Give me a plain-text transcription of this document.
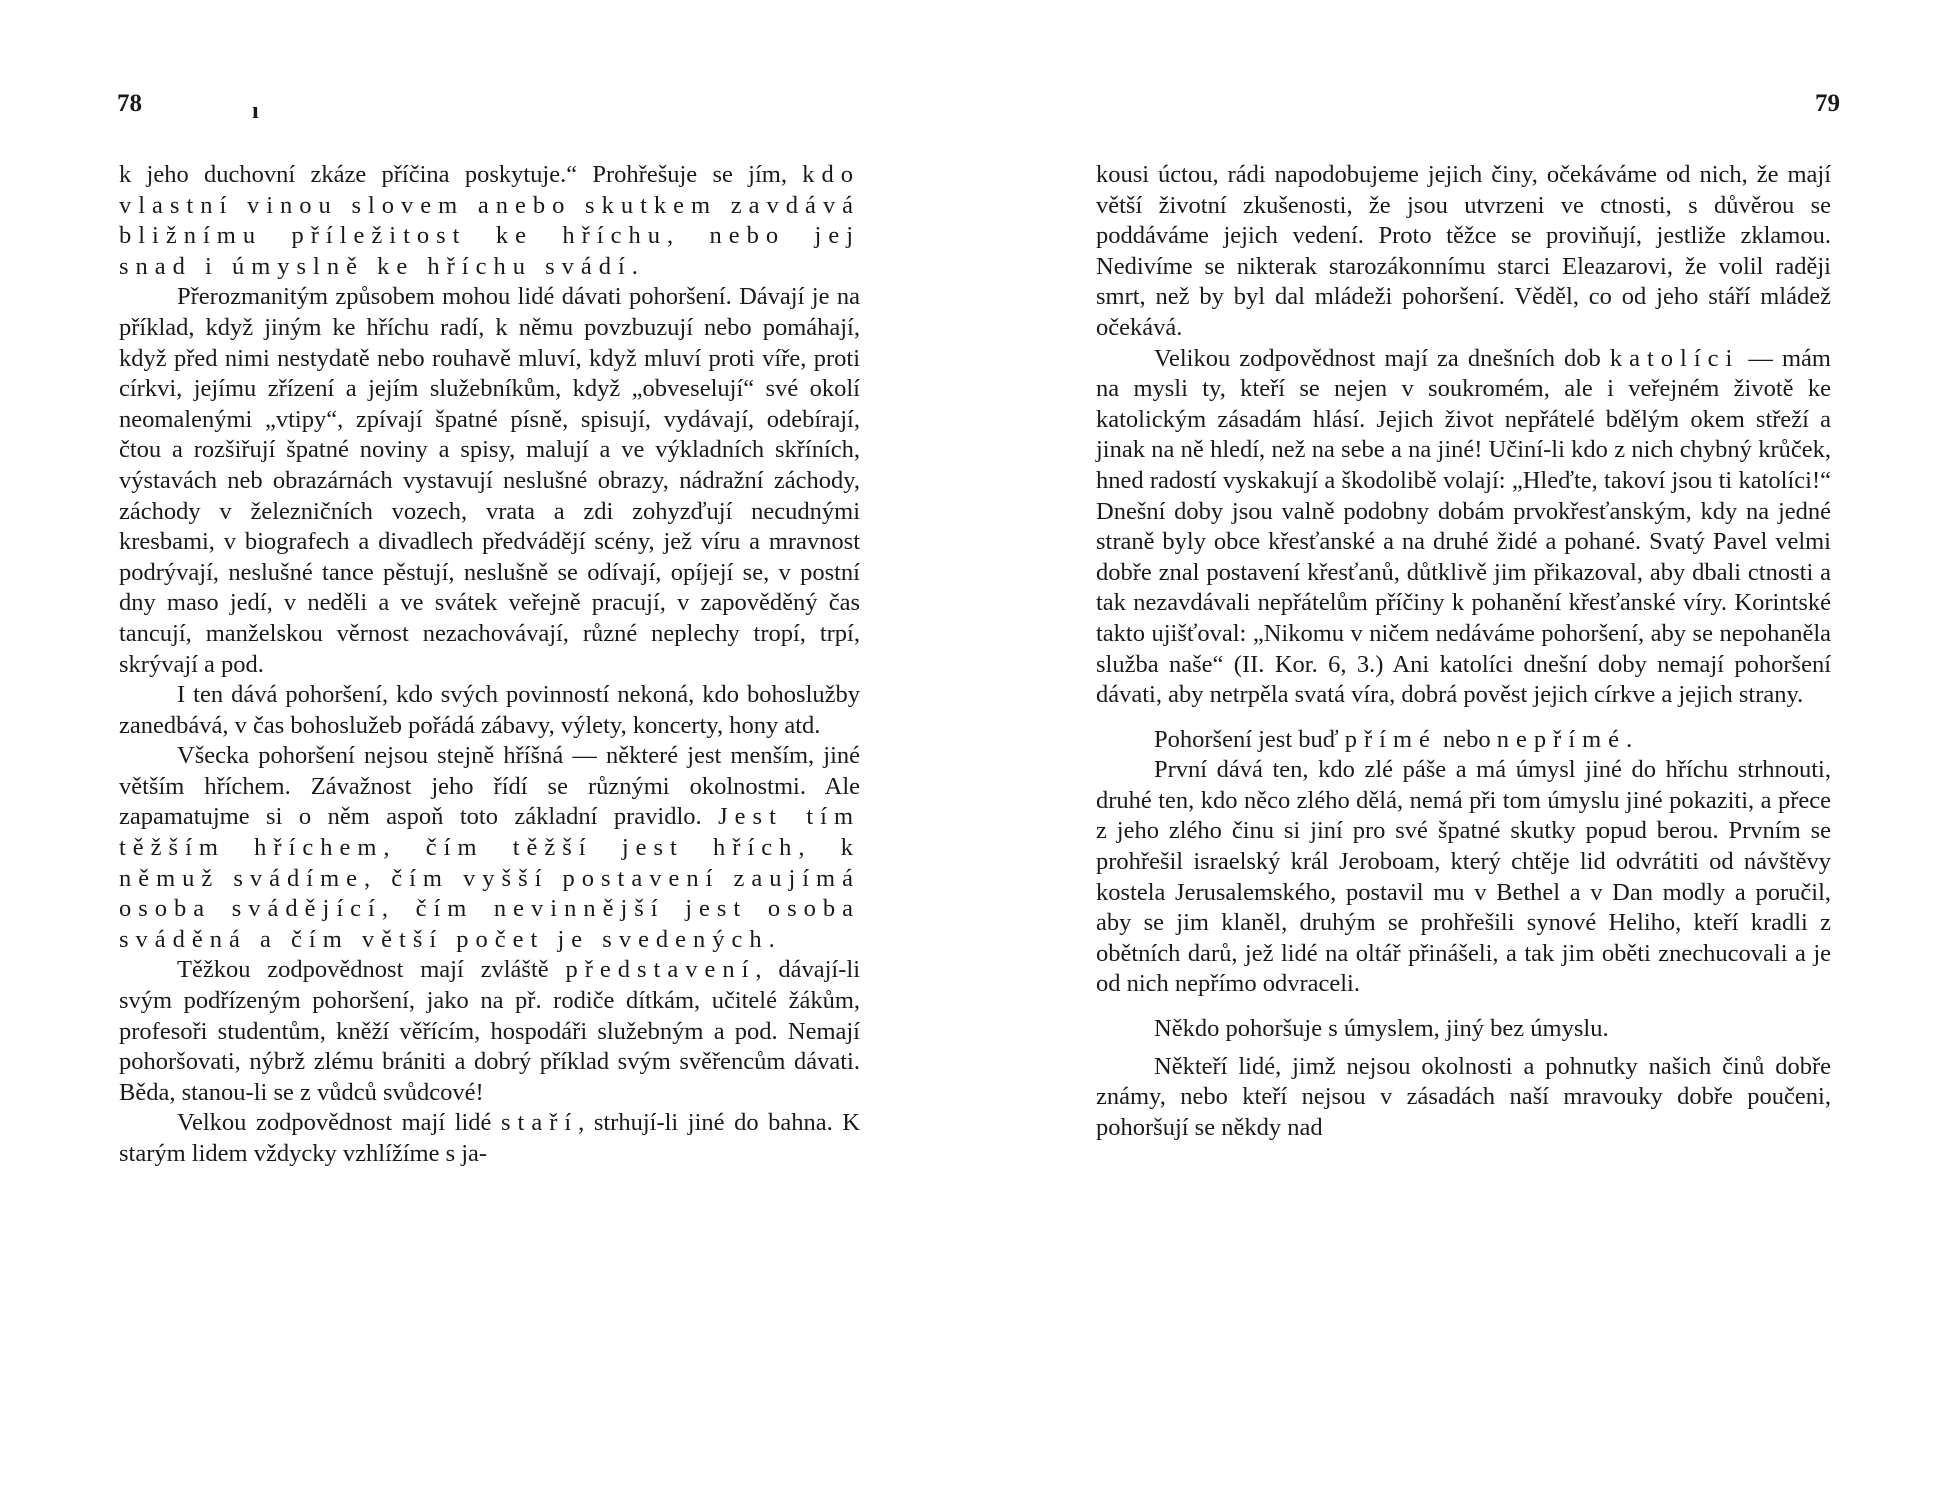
78	ı

k jeho duchovní zkáze příčina poskytuje.“ Prohřešuje se jím, kdo vlastní vinou slovem anebo skutkem zavdává bližnímu příležitost ke hříchu, nebo jej snad i úmyslně ke hříchu svádí.

Přerozmanitým způsobem mohou lidé dávati pohoršení. Dávají je na příklad, když jiným ke hříchu radí, k němu povzbuzují nebo pomáhají, když před nimi nestydatě nebo rouhavě mluví, když mluví proti víře, proti církvi, jejímu zřízení a jejím služebníkům, když „obveselují“ své okolí neomalenými „vtipy“, zpívají špatné písně, spisují, vydávají, odebírají, čtou a rozšiřují špatné noviny a spisy, malují a ve výkladních skříních, výstavách neb obrazárnách vystavují neslušné obrazy, nádražní záchody, záchody v železničních vozech, vrata a zdi zohyzďují necudnými kresbami, v biografech a divadlech předvádějí scény, jež víru a mravnost podrývají, neslušné tance pěstují, neslušně se odívají, opíjejí se, v postní dny maso jedí, v neděli a ve svátek veřejně pracují, v zapověděný čas tancují, manželskou věrnost nezachovávají, různé neplechy tropí, trpí, skrývají a pod.

I ten dává pohoršení, kdo svých povinností nekoná, kdo bohoslužby zanedbává, v čas bohoslužeb pořádá zábavy, výlety, koncerty, hony atd.

Všecka pohoršení nejsou stejně hříšná — některé jest menším, jiné větším hříchem. Závažnost jeho řídí se různými okolnostmi. Ale zapamatujme si o něm aspoň toto základní pravidlo. Jest tím těžším hříchem, čím těžší jest hřích, k němuž svádíme, čím vyšší postavení zaujímá osoba svádějící, čím nevinnější jest osoba sváděná a čím větší počet je svedených.

Těžkou zodpovědnost mají zvláště představení, dávají-li svým podřízeným pohoršení, jako na př. rodiče dítkám, učitelé žákům, profesoři studentům, kněží věřícím, hospodáři služebným a pod. Nemají pohoršovati, nýbrž zlému brániti a dobrý příklad svým svěřencům dávati. Běda, stanou-li se z vůdců svůdcové!

Velkou zodpovědnost mají lidé staří, strhují-li jiné do bahna. K starým lidem vždycky vzhlížíme s ja-

79

kousi úctou, rádi napodobujeme jejich činy, očekáváme od nich, že mají větší životní zkušenosti, že jsou utvrzeni ve ctnosti, s důvěrou se poddáváme jejich vedení. Proto těžce se proviňují, jestliže zklamou. Nedivíme se nikterak starozákonnímu starci Eleazarovi, že volil raději smrt, než by byl dal mládeži pohoršení. Věděl, co od jeho stáří mládež očekává.

Velikou zodpovědnost mají za dnešních dob katolíci — mám na mysli ty, kteří se nejen v soukromém, ale i veřejném životě ke katolickým zásadám hlásí. Jejich život nepřátelé bdělým okem střeží a jinak na ně hledí, než na sebe a na jiné! Učiní-li kdo z nich chybný krůček, hned radostí vyskakují a škodolibě volají: „Hleďte, takoví jsou ti katolíci!“ Dnešní doby jsou valně podobny dobám prvokřesťanským, kdy na jedné straně byly obce křesťanské a na druhé židé a pohané. Svatý Pavel velmi dobře znal postavení křesťanů, důtklivě jim přikazoval, aby dbali ctnosti a tak nezavdávali nepřátelům příčiny k pohanění křesťanské víry. Korintské takto ujišťoval: „Nikomu v ničem nedáváme pohoršení, aby se nepohaněla služba naše“ (II. Kor. 6, 3.) Ani katolíci dnešní doby nemají pohoršení dávati, aby netrpěla svatá víra, dobrá pověst jejich církve a jejich strany.

Pohoršení jest buď přímé nebo nepřímé.

První dává ten, kdo zlé páše a má úmysl jiné do hříchu strhnouti, druhé ten, kdo něco zlého dělá, nemá při tom úmyslu jiné pokaziti, a přece z jeho zlého činu si jiní pro své špatné skutky popud berou. Prvním se prohřešil israelský král Jeroboam, který chtěje lid odvrátiti od návštěvy kostela Jerusalemského, postavil mu v Bethel a v Dan modly a poručil, aby se jim klaněl, druhým se prohřešili synové Heliho, kteří kradli z obětních darů, jež lidé na oltář přinášeli, a tak jim oběti znechucovali a je od nich nepřímo odvraceli.

Někdo pohoršuje s úmyslem, jiný bez úmyslu.

Někteří lidé, jimž nejsou okolnosti a pohnutky našich činů dobře známy, nebo kteří nejsou v zásadách naší mravouky dobře poučeni, pohoršují se někdy nad
